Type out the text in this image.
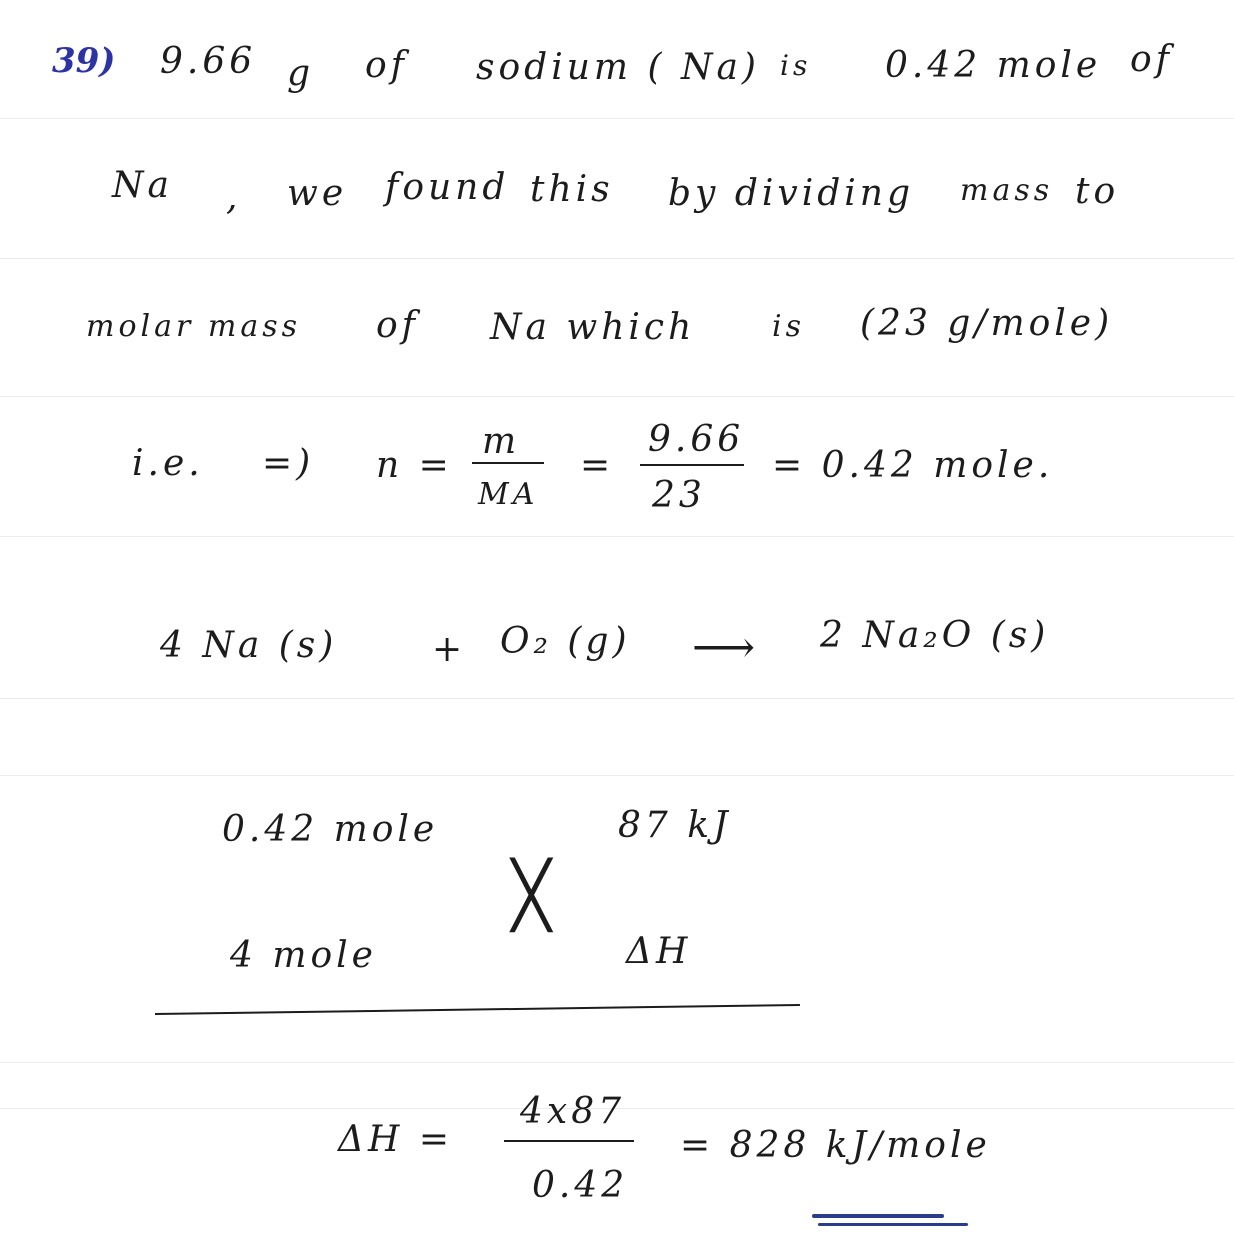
39) 9.66 g of sodium ( Na) is 0.42 mole of
Na , we found this by dividing mass to
molar mass of Na which	is (23 g/mole)
i.e. =) n =
m
MA
=
9.66
23
= 0.42 mole.
4 Na (s)	+ O₂ (g) ⟶ 2 Na₂O (s)
0.42 mole	87 kJ
╳
4 mole	ΔH
ΔH =
4x87
0.42
= 828 kJ/mole
